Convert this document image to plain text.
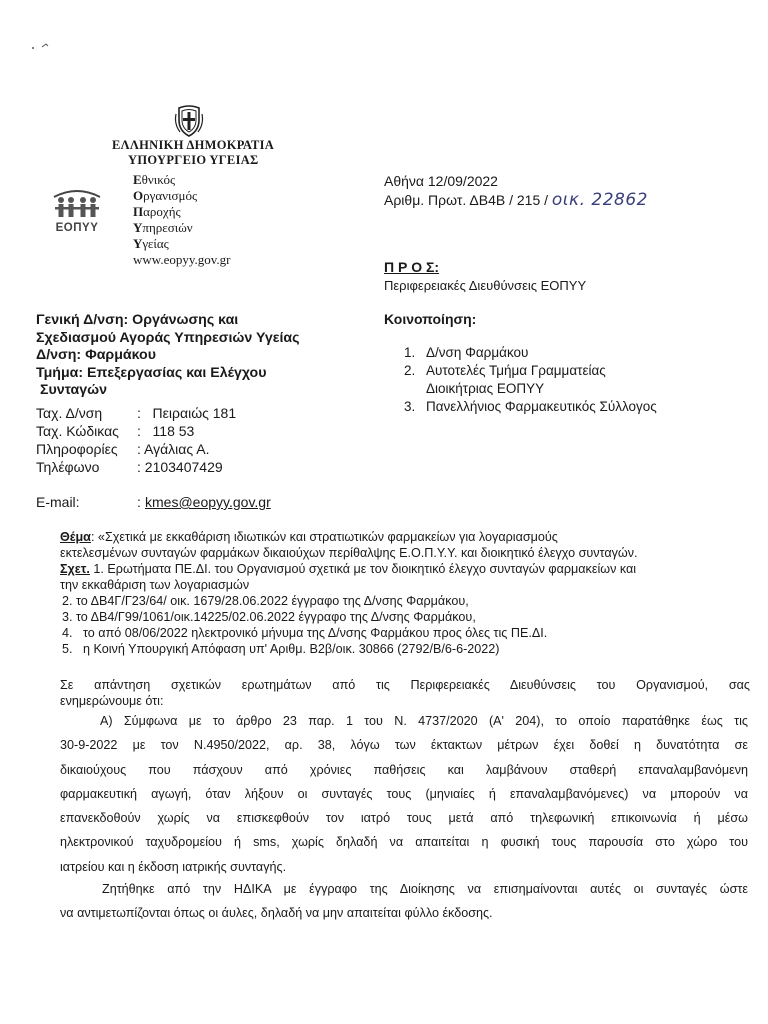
ΕΛΛΗΝΙΚΗ ΔΗΜΟΚΡΑΤΙΑ
ΥΠΟΥΡΓΕΙΟ ΥΓΕΙΑΣ
ΕΟΠΥΥ
Εθνικός
Οργανισμός
Παροχής
Υπηρεσιών
Υγείας
www.eopyy.gov.gr
Αθήνα 12/09/2022
Αριθμ. Πρωτ. ΔΒ4Β / 215 / οικ. 22862
Π Ρ Ο Σ:
Περιφερειακές Διευθύνσεις ΕΟΠΥΥ
Κοινοποίηση:
1. Δ/νση Φαρμάκου
2. Αυτοτελές Τμήμα Γραμματείας
Διοικήτριας ΕΟΠΥΥ
3. Πανελλήνιος Φαρμακευτικός Σύλλογος
Γενική Δ/νση: Οργάνωσης και
Σχεδιασμού Αγοράς Υπηρεσιών Υγείας
Δ/νση: Φαρμάκου
Τμήμα: Επεξεργασίας και Ελέγχου
Συνταγών
Ταχ. Δ/νση	:   Πειραιώς 181
Ταχ. Κώδικας	:   118 53
Πληροφορίες	: Αγάλιας Α.
Τηλέφωνο	: 2103407429
E-mail:	: kmes@eopyy.gov.gr
Θέμα: «Σχετικά με εκκαθάριση ιδιωτικών και στρατιωτικών φαρμακείων για λογαριασμούς
εκτελεσμένων συνταγών φαρμάκων δικαιούχων περίθαλψης Ε.Ο.Π.Υ.Υ. και διοικητικό έλεγχο συνταγών.
Σχετ. 1. Ερωτήματα ΠΕ.ΔΙ. του Οργανισμού σχετικά με τον διοικητικό έλεγχο συνταγών φαρμακείων και
την εκκαθάριση των λογαριασμών
2. το ΔΒ4Γ/Γ23/64/ οικ. 1679/28.06.2022 έγγραφο της Δ/νσης Φαρμάκου,
3. το ΔΒ4/Γ99/1061/οικ.14225/02.06.2022 έγγραφο της Δ/νσης Φαρμάκου,
4.   το από 08/06/2022 ηλεκτρονικό μήνυμα της Δ/νσης Φαρμάκου προς όλες τις ΠΕ.ΔΙ.
5.   η Κοινή Υπουργική Απόφαση υπ' Αριθμ. Β2β/οικ. 30866 (2792/Β/6-6-2022)
Σε απάντηση σχετικών ερωτημάτων από τις Περιφερειακές Διευθύνσεις του Οργανισμού, σας
ενημερώνουμε ότι:
Α) Σύμφωνα με το άρθρο 23 παρ. 1 του Ν. 4737/2020 (Α' 204), το οποίο παρατάθηκε έως τις
30-9-2022 με τον Ν.4950/2022, αρ. 38, λόγω των έκτακτων μέτρων έχει δοθεί η δυνατότητα σε
δικαιούχους που πάσχουν από χρόνιες παθήσεις και λαμβάνουν σταθερή επαναλαμβανόμενη
φαρμακευτική αγωγή, όταν λήξουν οι συνταγές τους (μηνιαίες ή επαναλαμβανόμενες) να μπορούν να
επανεκδοθούν χωρίς να επισκεφθούν τον ιατρό τους μετά από τηλεφωνική επικοινωνία ή μέσω
ηλεκτρονικού ταχυδρομείου ή sms, χωρίς δηλαδή να απαιτείται η φυσική τους παρουσία στο χώρο του
ιατρείου και η έκδοση ιατρικής συνταγής.
Ζητήθηκε από την ΗΔΙΚΑ με έγγραφο της Διοίκησης να επισημαίνονται αυτές οι συνταγές ώστε
να αντιμετωπίζονται όπως οι άυλες, δηλαδή να μην απαιτείται φύλλο έκδοσης.
